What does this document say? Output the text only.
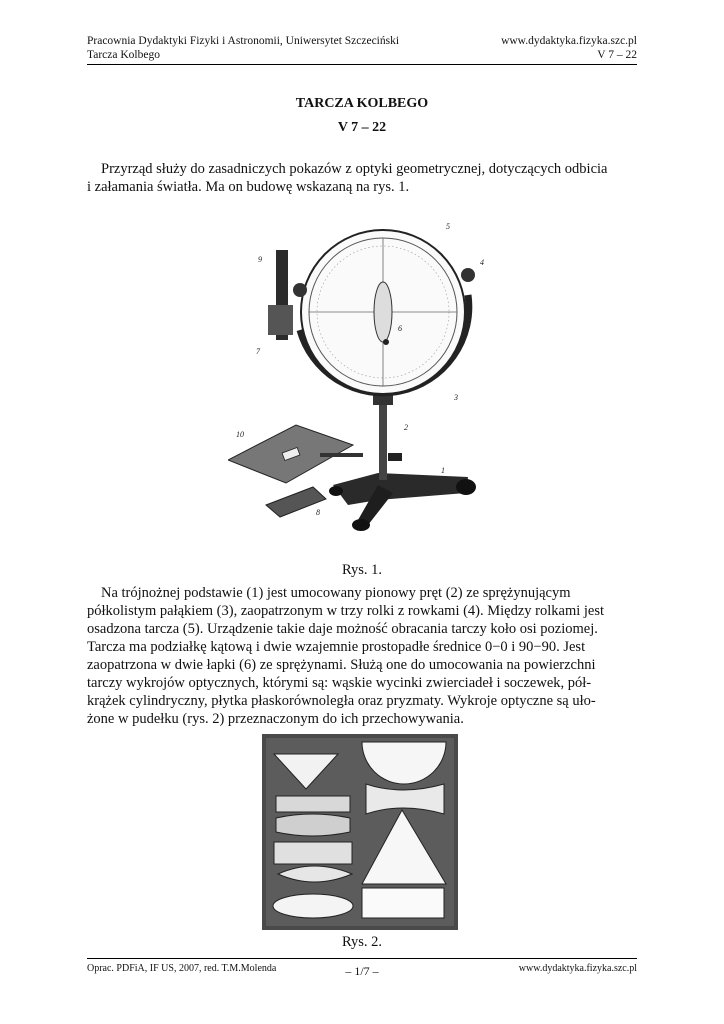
Pracownia Dydaktyki Fizyki i Astronomii, Uniwersytet Szczeciński	www.dydaktyka.fizyka.szc.pl
Tarcza Kolbego	V 7 – 22
TARCZA KOLBEGO
V 7 – 22
Przyrząd służy do zasadniczych pokazów z optyki geometrycznej, dotyczących odbicia
i załamania światła. Ma on budowę wskazaną na rys. 1.
1
2
3
4
5
6
7
8
9
10
Rys. 1.
Na trójnożnej podstawie (1) jest umocowany pionowy pręt (2) ze sprężynującym
półkolistym pałąkiem (3), zaopatrzonym w trzy rolki z rowkami (4). Między rolkami jest
osadzona tarcza (5). Urządzenie takie daje możność obracania tarczy koło osi poziomej.
Tarcza ma podziałkę kątową i dwie wzajemnie prostopadłe średnice 0−0 i 90−90. Jest
zaopatrzona w dwie łapki (6) ze sprężynami. Służą one do umocowania na powierzchni
tarczy wykrojów optycznych, którymi są: wąskie wycinki zwierciadeł i soczewek, pół-
krążek cylindryczny, płytka płaskorównoległa oraz pryzmaty. Wykroje optyczne są uło-
żone w pudełku (rys. 2) przeznaczonym do ich przechowywania.
Rys. 2.
Oprac. PDFiA, IF US, 2007, red. T.M.Molenda	– 1/7 –	www.dydaktyka.fizyka.szc.pl
